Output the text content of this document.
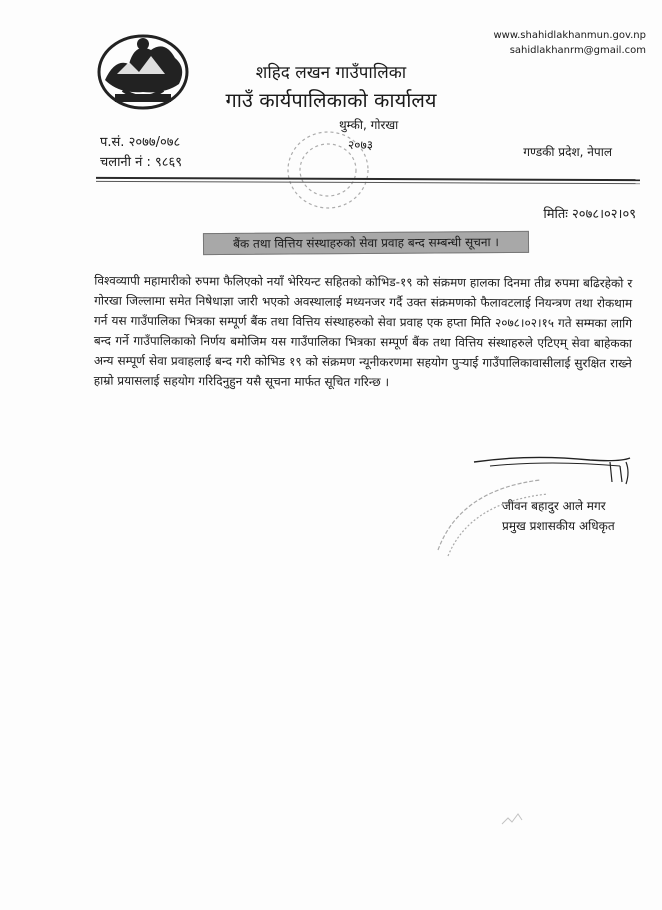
www.shahidlakhanmun.gov.np
sahidlakhanrm@gmail.com
शहिद लखन गाउँपालिका
गाउँ कार्यपालिकाको कार्यालय
थुम्की, गोरखा
२०७३
प.सं. २०७७/०७८
चलानी नं : ९८६९
गण्डकी प्रदेश, नेपाल
मितिः २०७८।०२।०९
बैंक तथा वित्तिय संस्थाहरुको सेवा प्रवाह बन्द सम्बन्धी सूचना ।
विश्वव्यापी महामारीको रुपमा फैलिएको नयाँ भेरियन्ट सहितको कोभिड-१९ को संक्रमण हालका दिनमा तीव्र रुपमा बढिरहेको र गोरखा जिल्लामा समेत निषेधाज्ञा जारी भएको अवस्थालाई मध्यनजर गर्दै उक्त संक्रमणको फैलावटलाई नियन्त्रण तथा रोकथाम गर्न यस गाउँपालिका भित्रका सम्पूर्ण बैंक तथा वित्तिय संस्थाहरुको सेवा प्रवाह एक हप्ता मिति २०७८।०२।१५ गते सम्मका लागि बन्द गर्ने गाउँपालिकाको निर्णय बमोजिम यस गाउँपालिका भित्रका सम्पूर्ण बैंक तथा वित्तिय संस्थाहरुले एटिएम् सेवा बाहेकका अन्य सम्पूर्ण सेवा प्रवाहलाई बन्द गरी कोभिड १९ को संक्रमण न्यूनीकरणमा सहयोग पुऱ्याई गाउँपालिकावासीलाई सुरक्षित राख्ने हाम्रो प्रयासलाई सहयोग गरिदिनुहुन यसै सूचना मार्फत सूचित गरिन्छ ।
जीवन बहादुर आले मगर
प्रमुख प्रशासकीय अधिकृत
